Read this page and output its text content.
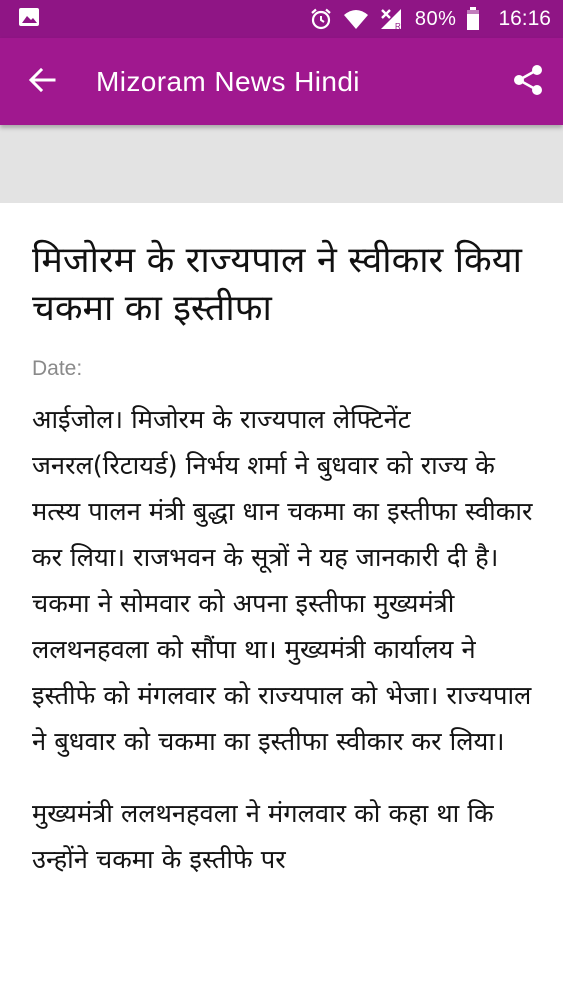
R 80% 16:16
Mizoram News Hindi
मिजोरम के राज्यपाल ने स्वीकार किया चकमा का इस्तीफा
Date:

आईजोल। मिजोरम के राज्यपाल लेफ्टिनेंट जनरल(रिटायर्ड) निर्भय शर्मा ने बुधवार को राज्य के मत्स्य पालन मंत्री बुद्धा धान चकमा का इस्तीफा स्वीकार कर लिया। राजभवन के सूत्रों ने यह जानकारी दी है। चकमा ने सोमवार को अपना इस्तीफा मुख्यमंत्री ललथनहवला को सौंपा था। मुख्यमंत्री कार्यालय ने इस्तीफे को मंगलवार को राज्यपाल को भेजा। राज्यपाल ने बुधवार को चकमा का इस्तीफा स्वीकार कर लिया।

मुख्यमंत्री ललथनहवला ने मंगलवार को कहा था कि उन्होंने चकमा के इस्तीफे पर
